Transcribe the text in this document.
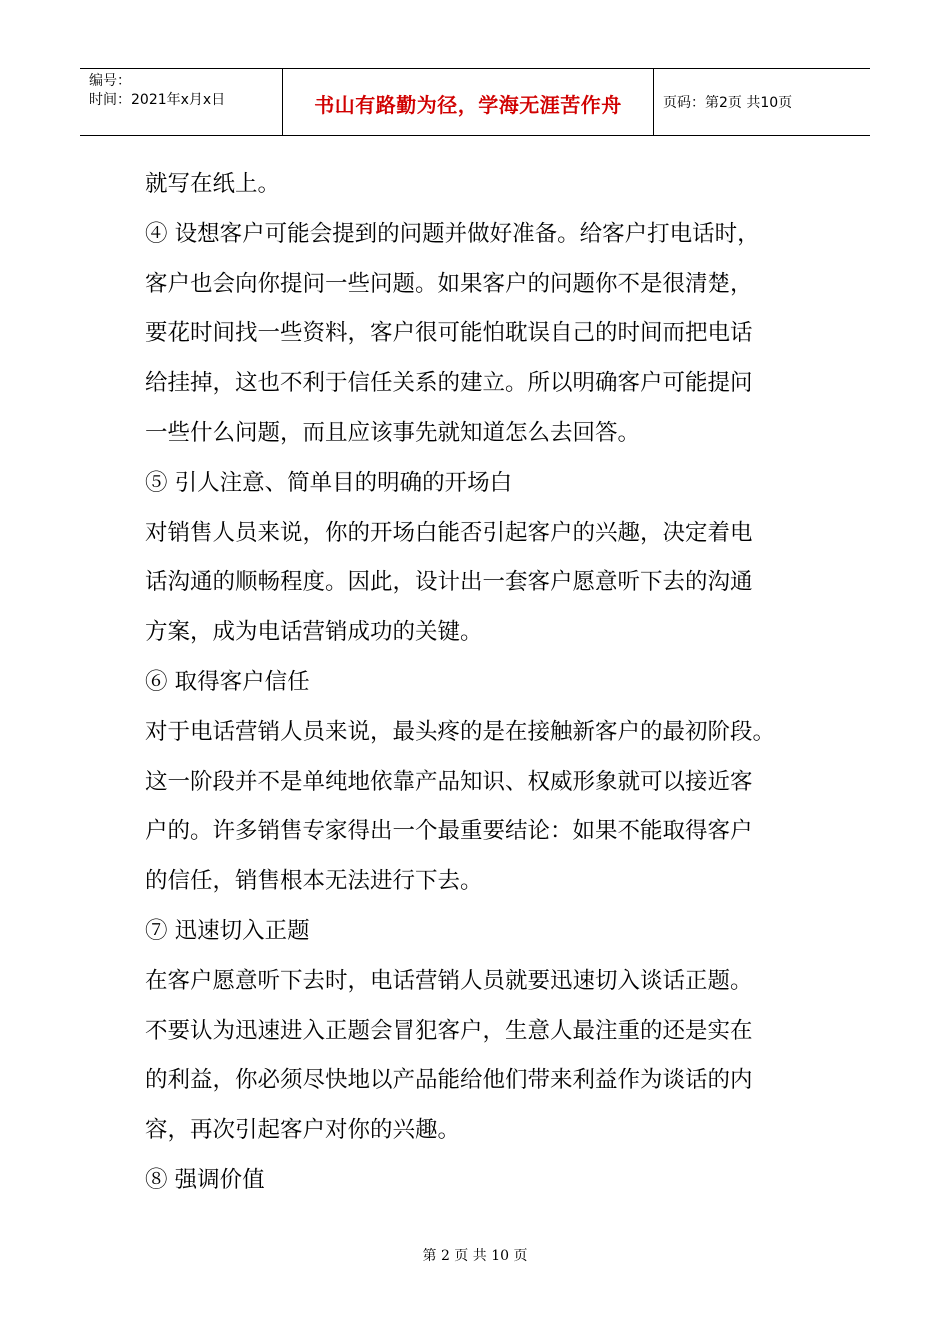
编号：
时间：2021年x月x日	书山有路勤为径，学海无涯苦作舟	页码：第2页 共10页

就写在纸上。

④ 设想客户可能会提到的问题并做好准备。给客户打电话时，

客户也会向你提问一些问题。如果客户的问题你不是很清楚，

要花时间找一些资料，客户很可能怕耽误自己的时间而把电话

给挂掉，这也不利于信任关系的建立。所以明确客户可能提问

一些什么问题，而且应该事先就知道怎么去回答。

⑤ 引人注意、简单目的明确的开场白

对销售人员来说，你的开场白能否引起客户的兴趣，决定着电

话沟通的顺畅程度。因此，设计出一套客户愿意听下去的沟通

方案，成为电话营销成功的关键。

⑥ 取得客户信任

对于电话营销人员来说，最头疼的是在接触新客户的最初阶段。

这一阶段并不是单纯地依靠产品知识、权威形象就可以接近客

户的。许多销售专家得出一个最重要结论：如果不能取得客户

的信任，销售根本无法进行下去。

⑦ 迅速切入正题

在客户愿意听下去时，电话营销人员就要迅速切入谈话正题。

不要认为迅速进入正题会冒犯客户，生意人最注重的还是实在

的利益，你必须尽快地以产品能给他们带来利益作为谈话的内

容，再次引起客户对你的兴趣。

⑧ 强调价值

第 2 页 共 10 页
